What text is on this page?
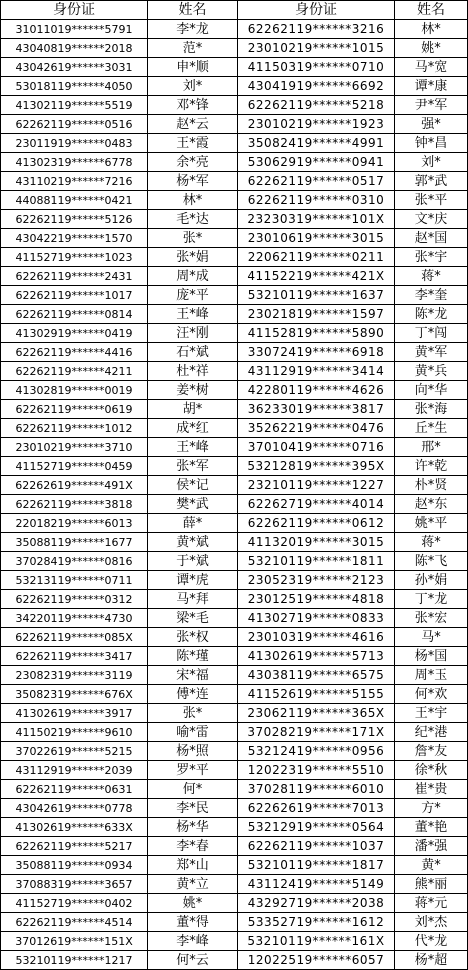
身份证	姓名	身份证	姓名
31011019******5791	李*龙	62262119******3216	林*
43040819******2018	范*	23010219******1015	姚*
43042619******3031	申*顺	41150319******0710	马*宽
53018119******4050	刘*	43041919******6692	谭*康
41302119******5519	邓*锋	62262119******5218	尹*军
62262119******0516	赵*云	23010219******1923	强*
23011919******0483	王*霞	35082419******4991	钟*昌
41302319******6778	余*亮	53062919******0941	刘*
43110219******7216	杨*军	62262119******0517	郭*武
44088119******0421	林*	62262119******0310	张*平
62262119******5126	毛*达	23230319******101X	文*庆
43042219******1570	张*	23010619******3015	赵*国
41152719******1023	张*娟	22062119******0211	张*宇
62262119******2431	周*成	41152219******421X	蒋*
62262119******1017	庞*平	53210119******1637	李*奎
62262119******0814	王*峰	23021819******1597	陈*龙
41302919******0419	汪*刚	41152819******5890	丁*闯
62262119******4416	石*斌	33072419******6918	黄*军
62262119******4211	杜*祥	43112919******3414	黄*兵
41302819******0019	姜*树	42280119******4626	向*华
62262119******0619	胡*	36233019******3817	张*海
62262119******1012	成*红	35262219******0476	丘*生
23010219******3710	王*峰	37010419******0716	邢*
41152719******0459	张*军	53212819******395X	许*乾
62262619******491X	侯*记	23210119******1227	朴*贤
62262119******3818	樊*武	62262719******4014	赵*东
22018219******6013	薛*	62262119******0612	姚*平
35088119******1677	黄*斌	41132019******3015	蒋*
37028419******0816	于*斌	53210119******1811	陈*飞
53213119******0711	谭*虎	23052319******2123	孙*娟
62262119******0312	马*拜	23012519******4818	丁*龙
34220119******4730	梁*毛	41302719******0833	张*宏
62262119******085X	张*权	23010319******4616	马*
62262119******3417	陈*瑾	41302619******5713	杨*国
23082319******3119	宋*福	43038119******6575	周*玉
35082319******676X	傅*连	41152619******5155	何*欢
41302619******3917	张*	23062119******365X	王*宇
41150219******9610	喻*雷	37028219******171X	纪*港
37022619******5215	杨*照	53212419******0956	詹*友
43112919******2039	罗*平	12022319******5510	徐*秋
62262119******0631	何*	37028119******6010	崔*贵
43042619******0778	李*民	62262619******7013	方*
41302619******633X	杨*华	53212919******0564	董*艳
62262119******5217	李*春	62262119******1037	潘*强
35088119******0934	郑*山	53210119******1817	黄*
37088319******3657	黄*立	43112419******5149	熊*丽
41152719******0402	姚*	43292719******2038	蒋*元
62262119******4514	董*得	53352719******1612	刘*杰
37012619******151X	李*峰	53210119******161X	代*龙
53210119******1217	何*云	12022519******6057	杨*超
